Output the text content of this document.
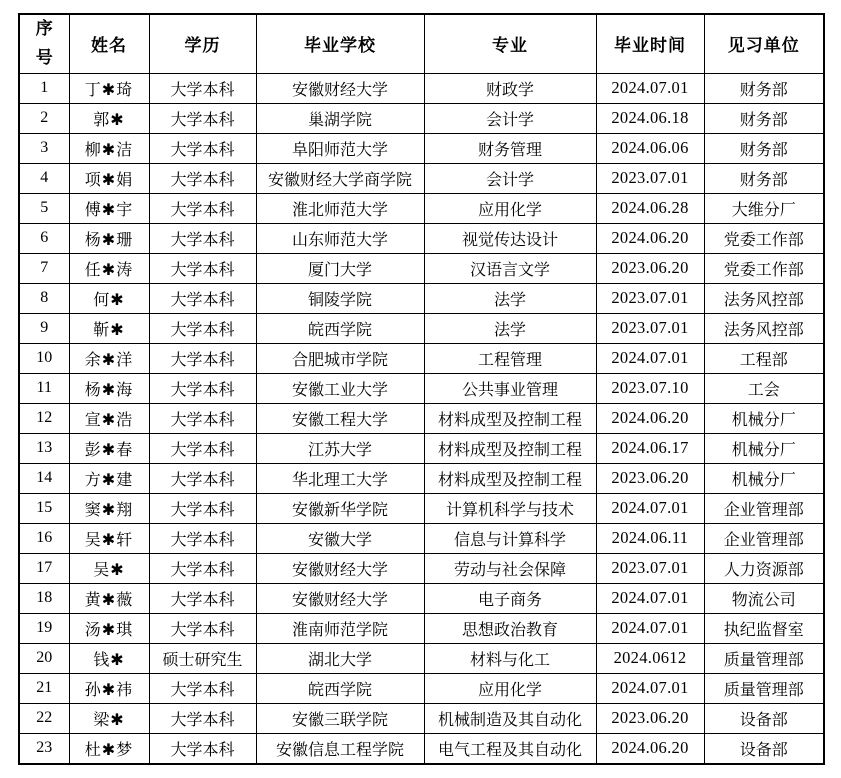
序号	姓名	学历	毕业学校	专业	毕业时间	见习单位
1	丁✱琦	大学本科	安徽财经大学	财政学	2024.07.01	财务部
2	郭✱	大学本科	巢湖学院	会计学	2024.06.18	财务部
3	柳✱洁	大学本科	阜阳师范大学	财务管理	2024.06.06	财务部
4	项✱娟	大学本科	安徽财经大学商学院	会计学	2023.07.01	财务部
5	傅✱宇	大学本科	淮北师范大学	应用化学	2024.06.28	大维分厂
6	杨✱珊	大学本科	山东师范大学	视觉传达设计	2024.06.20	党委工作部
7	任✱涛	大学本科	厦门大学	汉语言文学	2023.06.20	党委工作部
8	何✱	大学本科	铜陵学院	法学	2023.07.01	法务风控部
9	靳✱	大学本科	皖西学院	法学	2023.07.01	法务风控部
10	余✱洋	大学本科	合肥城市学院	工程管理	2024.07.01	工程部
11	杨✱海	大学本科	安徽工业大学	公共事业管理	2023.07.10	工会
12	宣✱浩	大学本科	安徽工程大学	材料成型及控制工程	2024.06.20	机械分厂
13	彭✱春	大学本科	江苏大学	材料成型及控制工程	2024.06.17	机械分厂
14	方✱建	大学本科	华北理工大学	材料成型及控制工程	2023.06.20	机械分厂
15	窦✱翔	大学本科	安徽新华学院	计算机科学与技术	2024.07.01	企业管理部
16	吴✱轩	大学本科	安徽大学	信息与计算科学	2024.06.11	企业管理部
17	吴✱	大学本科	安徽财经大学	劳动与社会保障	2023.07.01	人力资源部
18	黄✱薇	大学本科	安徽财经大学	电子商务	2024.07.01	物流公司
19	汤✱琪	大学本科	淮南师范学院	思想政治教育	2024.07.01	执纪监督室
20	钱✱	硕士研究生	湖北大学	材料与化工	2024.0612	质量管理部
21	孙✱祎	大学本科	皖西学院	应用化学	2024.07.01	质量管理部
22	梁✱	大学本科	安徽三联学院	机械制造及其自动化	2023.06.20	设备部
23	杜✱梦	大学本科	安徽信息工程学院	电气工程及其自动化	2024.06.20	设备部
